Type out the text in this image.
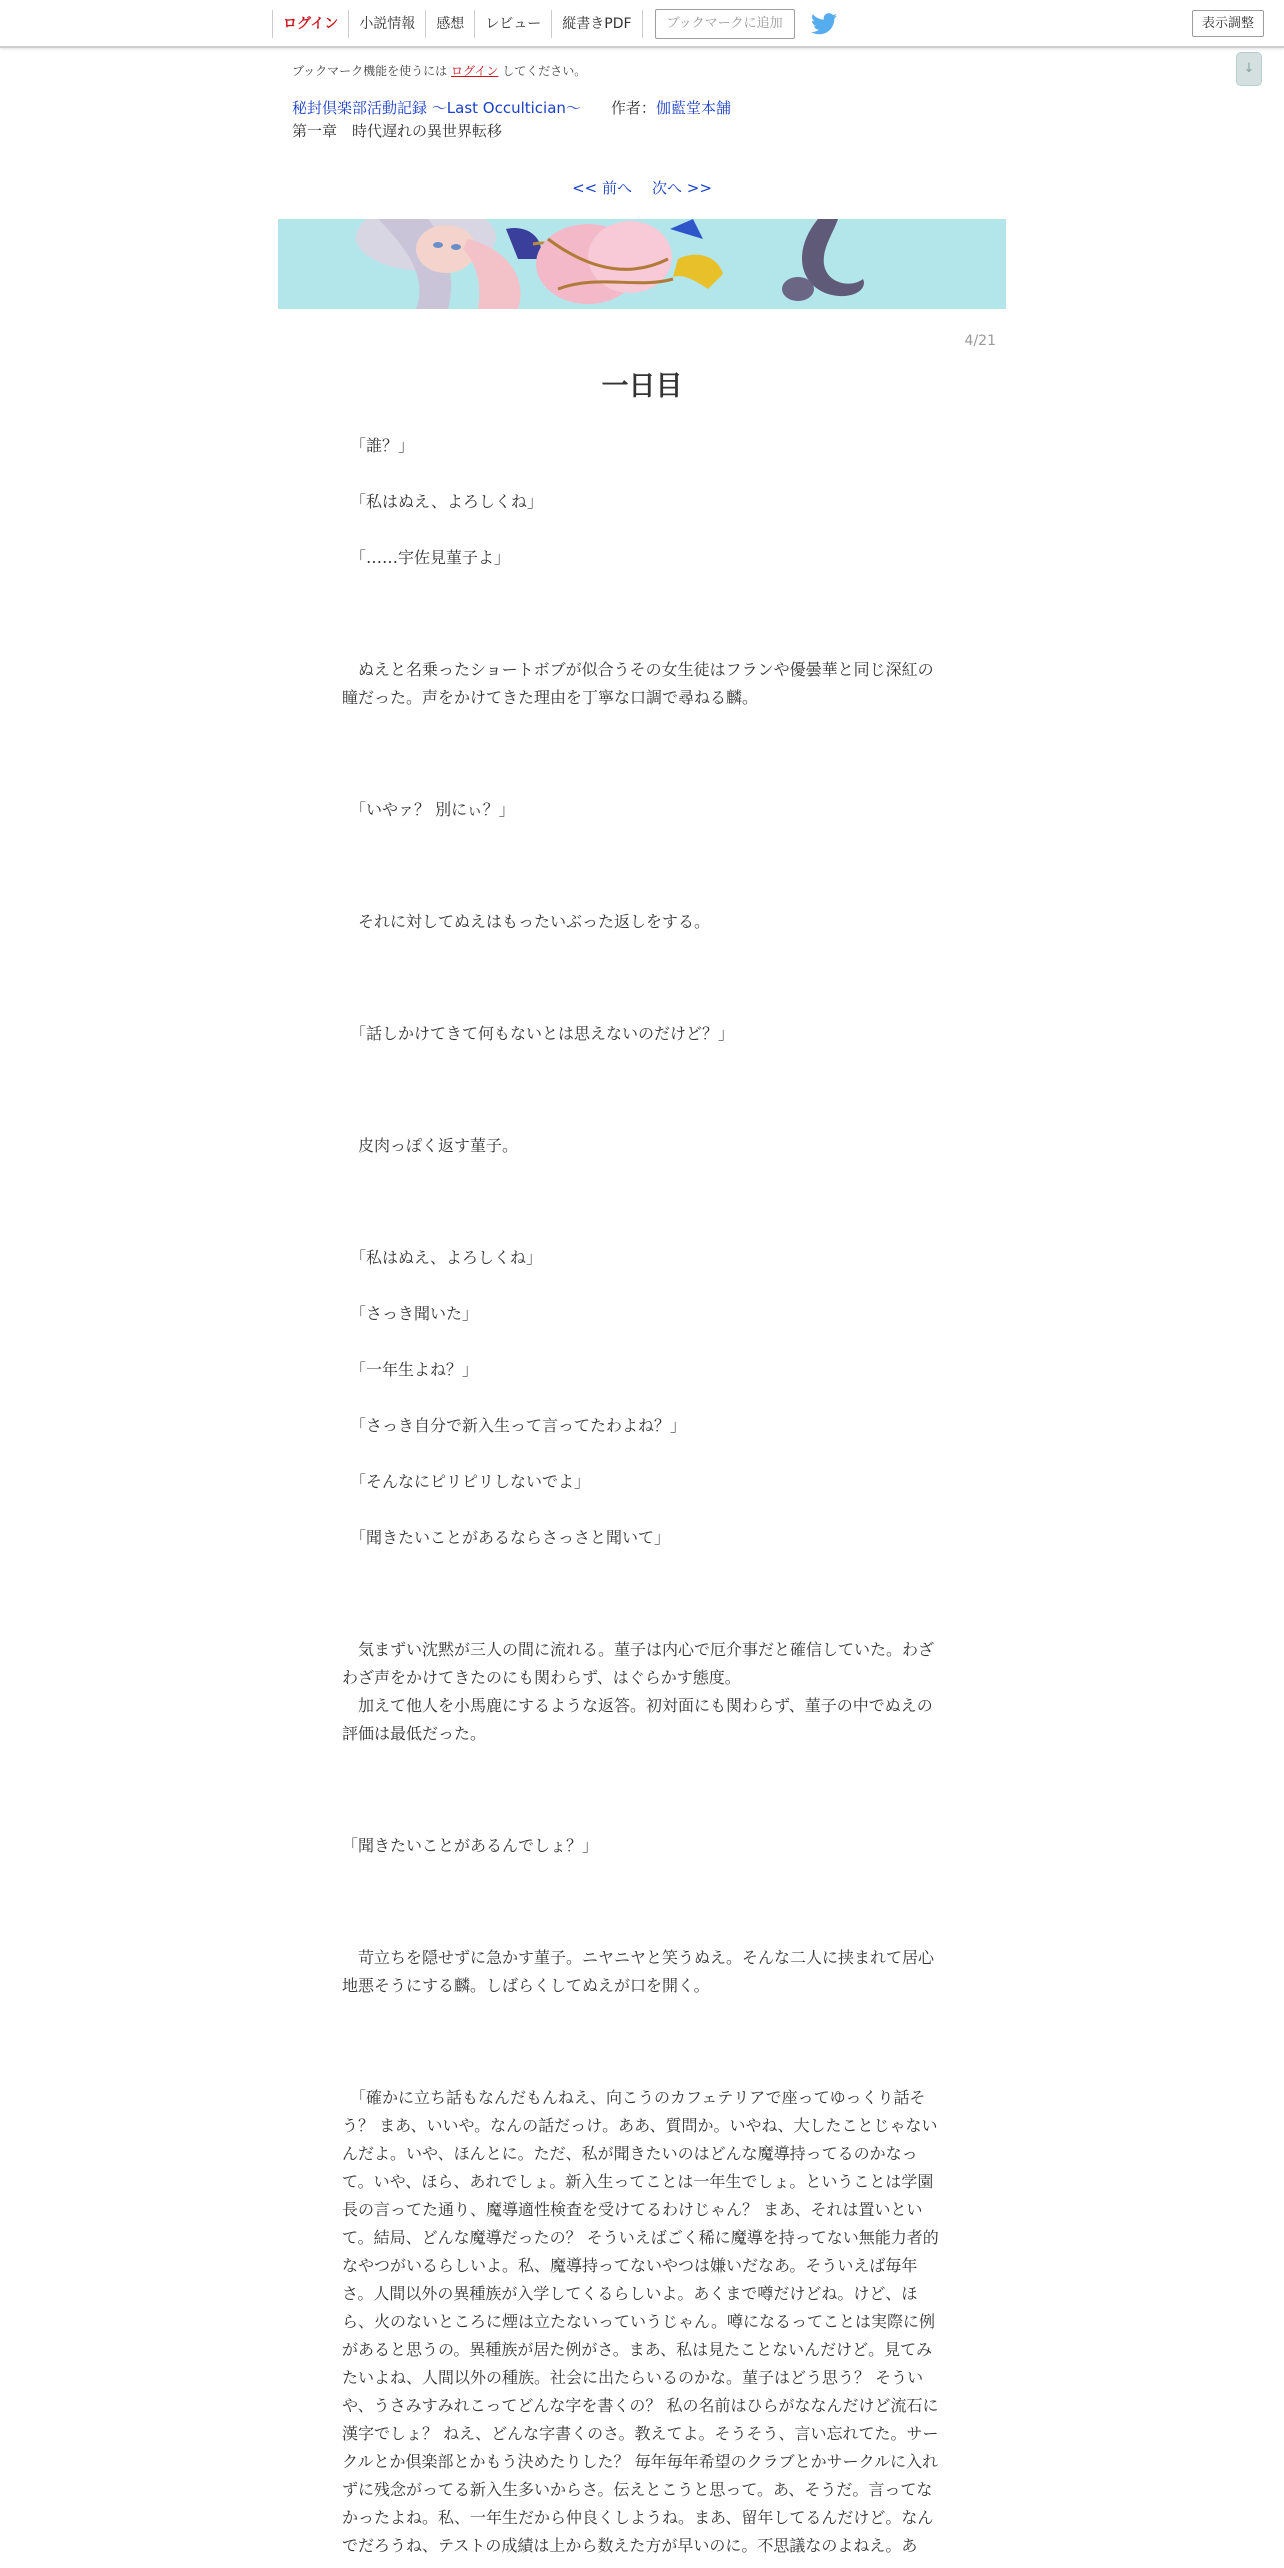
ログイン	小説情報	感想	レビュー	縦書きPDF	ブックマークに追加	表示調整
↓
ブックマーク機能を使うには ログイン してください。
秘封倶楽部活動記録 ～Last Occultician～ 作者：伽藍堂本舗
第一章　時代遅れの異世界転移
<< 前へ 次へ >>
4/21
一日目

　「誰？」

　「私はぬえ、よろしくね」

　「……宇佐見菫子よ」

　ぬえと名乗ったショートボブが似合うその女生徒はフランや優曇華と同じ深紅の瞳だった。声をかけてきた理由を丁寧な口調で尋ねる麟。

　「いやァ？ 別にぃ？」

　それに対してぬえはもったいぶった返しをする。

　「話しかけてきて何もないとは思えないのだけど？」

　皮肉っぽく返す菫子。

　「私はぬえ、よろしくね」

　「さっき聞いた」

　「一年生よね？」

　「さっき自分で新入生って言ってたわよね？」

　「そんなにピリピリしないでよ」

　「聞きたいことがあるならさっさと聞いて」

　気まずい沈黙が三人の間に流れる。菫子は内心で厄介事だと確信していた。わざわざ声をかけてきたのにも関わらず、はぐらかす態度。

　加えて他人を小馬鹿にするような返答。初対面にも関わらず、菫子の中でぬえの評価は最低だった。

「聞きたいことがあるんでしょ？」

　苛立ちを隠せずに急かす菫子。ニヤニヤと笑うぬえ。そんな二人に挟まれて居心地悪そうにする麟。しばらくしてぬえが口を開く。

　「確かに立ち話もなんだもんねえ、向こうのカフェテリアで座ってゆっくり話そう？ まあ、いいや。なんの話だっけ。ああ、質問か。いやね、大したことじゃないんだよ。いや、ほんとに。ただ、私が聞きたいのはどんな魔導持ってるのかなって。いや、ほら、あれでしょ。新入生ってことは一年生でしょ。ということは学園長の言ってた通り、魔導適性検査を受けてるわけじゃん？ まあ、それは置いといて。結局、どんな魔導だったの？ そういえばごく稀に魔導を持ってない無能力者的なやつがいるらしいよ。私、魔導持ってないやつは嫌いだなあ。そういえば毎年さ。人間以外の異種族が入学してくるらしいよ。あくまで噂だけどね。けど、ほら、火のないところに煙は立たないっていうじゃん。噂になるってことは実際に例があると思うの。異種族が居た例がさ。まあ、私は見たことないんだけど。見てみたいよね、人間以外の種族。社会に出たらいるのかな。菫子はどう思う？ そういや、うさみすみれこってどんな字を書くの？ 私の名前はひらがななんだけど流石に漢字でしょ？ ねえ、どんな字書くのさ。教えてよ。そうそう、言い忘れてた。サークルとか倶楽部とかもう決めたりした？ 毎年毎年希望のクラブとかサークルに入れずに残念がってる新入生多いからさ。伝えとこうと思って。あ、そうだ。言ってなかったよね。私、一年生だから仲良くしようね。まあ、留年してるんだけど。なんでだろうね、テストの成績は上から数えた方が早いのに。不思議なのよねえ。あ
